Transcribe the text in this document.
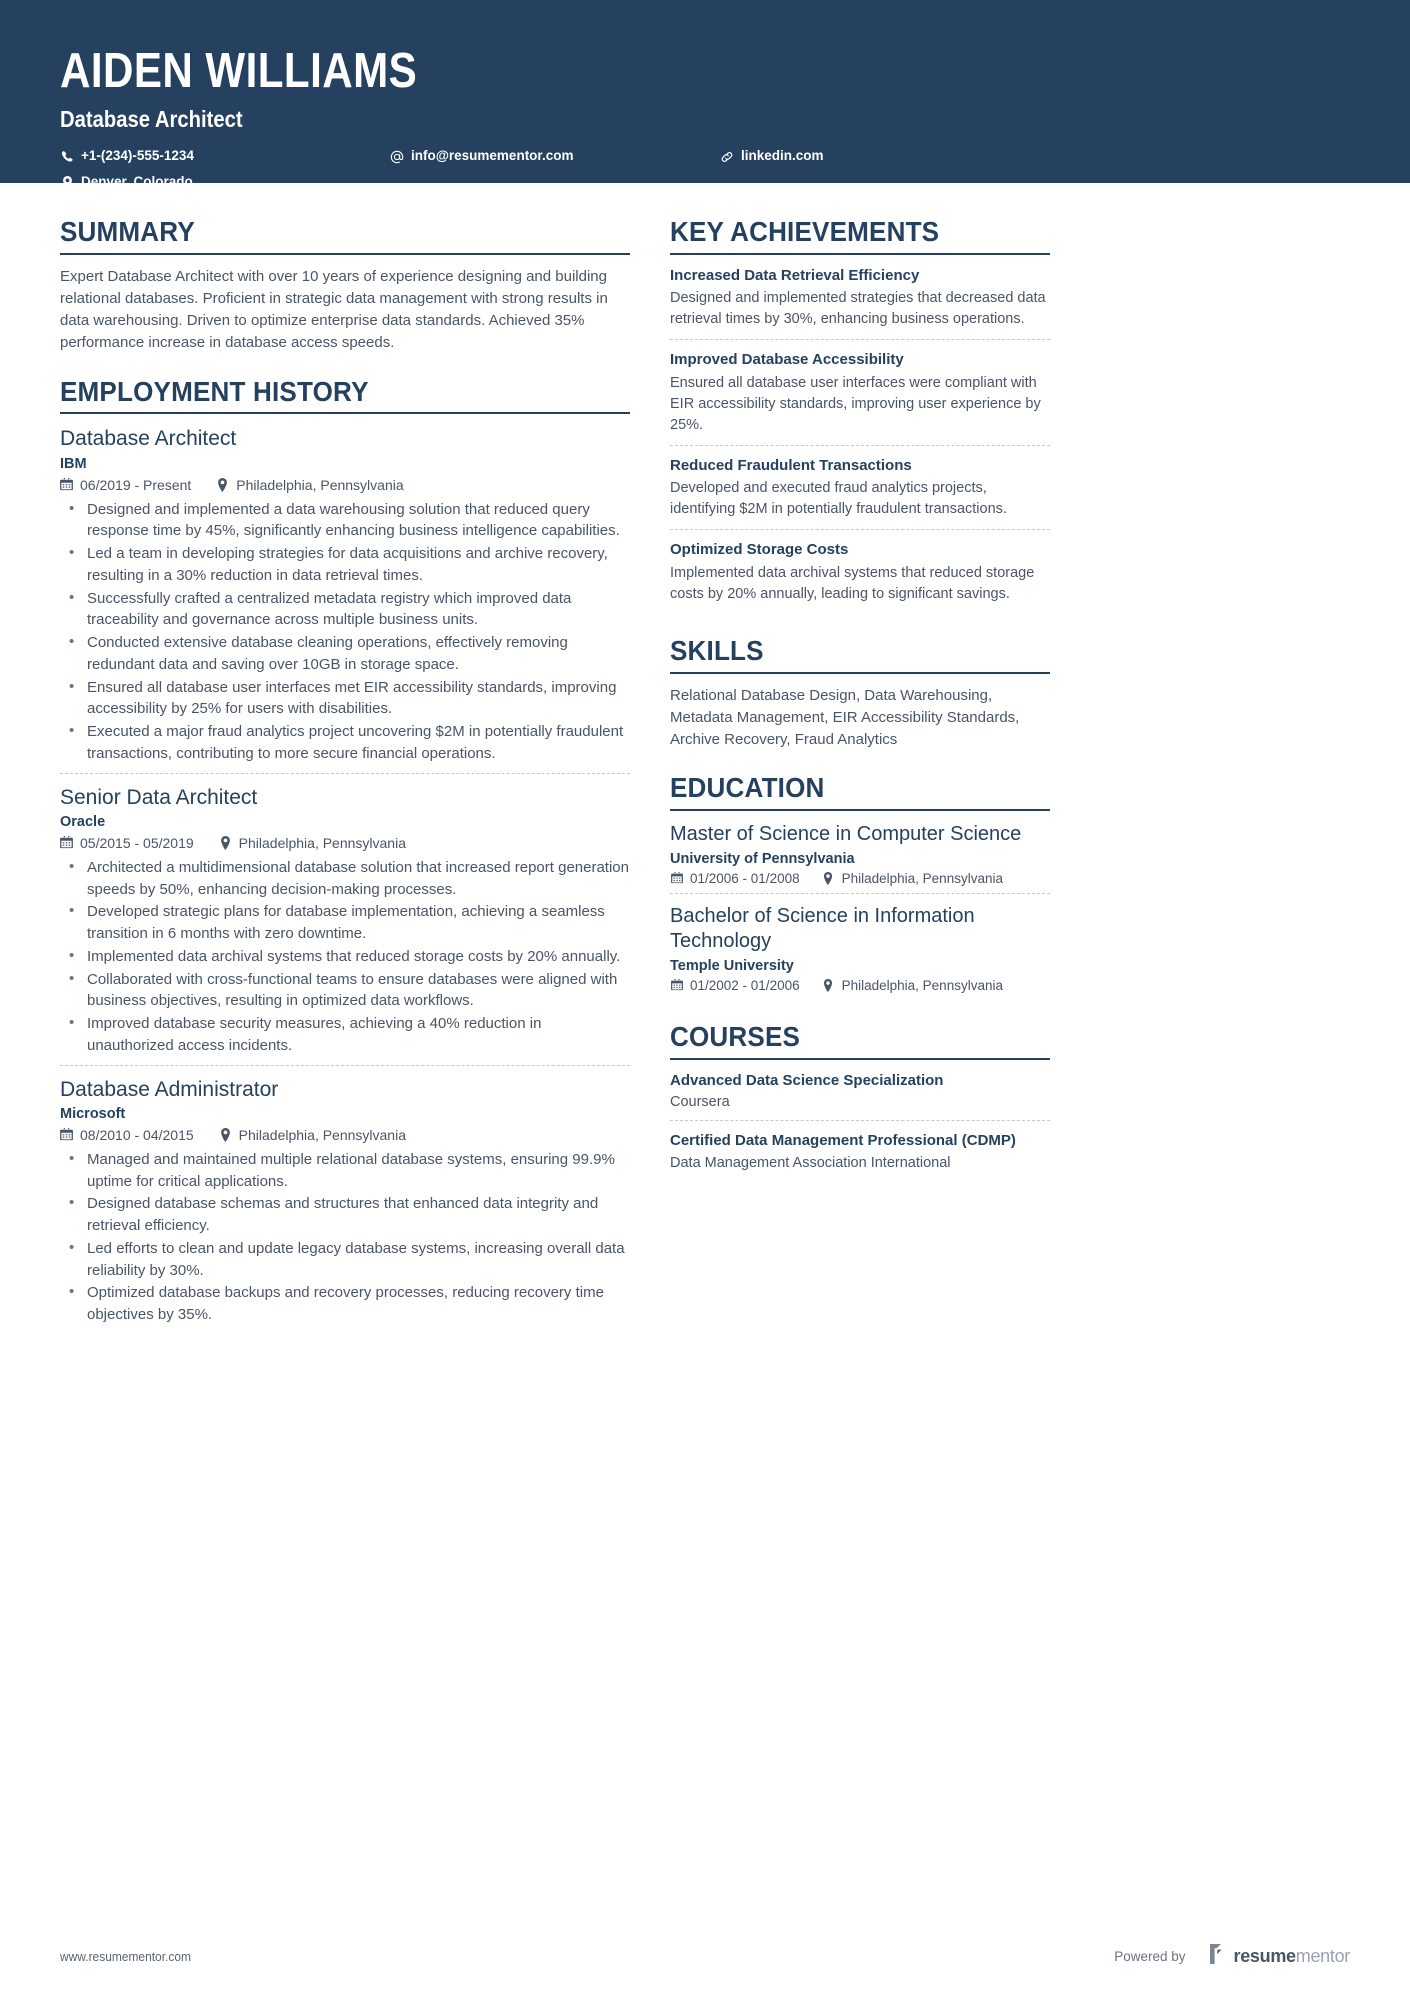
AIDEN WILLIAMS
Database Architect
+1-(234)-555-1234
Denver, Colorado
info@resumementor.com	linkedin.com
SUMMARY
Expert Database Architect with over 10 years of experience designing and building relational databases. Proficient in strategic data management with strong results in data warehousing. Driven to optimize enterprise data standards. Achieved 35% performance increase in database access speeds.
EMPLOYMENT HISTORY
Database Architect
IBM
06/2019 - Present	Philadelphia, Pennsylvania
• Designed and implemented a data warehousing solution that reduced query response time by 45%, significantly enhancing business intelligence capabilities.
• Led a team in developing strategies for data acquisitions and archive recovery, resulting in a 30% reduction in data retrieval times.
• Successfully crafted a centralized metadata registry which improved data traceability and governance across multiple business units.
• Conducted extensive database cleaning operations, effectively removing redundant data and saving over 10GB in storage space.
• Ensured all database user interfaces met EIR accessibility standards, improving accessibility by 25% for users with disabilities.
• Executed a major fraud analytics project uncovering $2M in potentially fraudulent transactions, contributing to more secure financial operations.
Senior Data Architect
Oracle
05/2015 - 05/2019	Philadelphia, Pennsylvania
• Architected a multidimensional database solution that increased report generation speeds by 50%, enhancing decision-making processes.
• Developed strategic plans for database implementation, achieving a seamless transition in 6 months with zero downtime.
• Implemented data archival systems that reduced storage costs by 20% annually.
• Collaborated with cross-functional teams to ensure databases were aligned with business objectives, resulting in optimized data workflows.
• Improved database security measures, achieving a 40% reduction in unauthorized access incidents.
Database Administrator
Microsoft
08/2010 - 04/2015	Philadelphia, Pennsylvania
• Managed and maintained multiple relational database systems, ensuring 99.9% uptime for critical applications.
• Designed database schemas and structures that enhanced data integrity and retrieval efficiency.
• Led efforts to clean and update legacy database systems, increasing overall data reliability by 30%.
• Optimized database backups and recovery processes, reducing recovery time objectives by 35%.
KEY ACHIEVEMENTS
Increased Data Retrieval Efficiency
Designed and implemented strategies that decreased data retrieval times by 30%, enhancing business operations.
Improved Database Accessibility
Ensured all database user interfaces were compliant with EIR accessibility standards, improving user experience by 25%.
Reduced Fraudulent Transactions
Developed and executed fraud analytics projects, identifying $2M in potentially fraudulent transactions.
Optimized Storage Costs
Implemented data archival systems that reduced storage costs by 20% annually, leading to significant savings.
SKILLS
Relational Database Design, Data Warehousing, Metadata Management, EIR Accessibility Standards, Archive Recovery, Fraud Analytics
EDUCATION
Master of Science in Computer Science
University of Pennsylvania
01/2006 - 01/2008	Philadelphia, Pennsylvania
Bachelor of Science in Information Technology
Temple University
01/2002 - 01/2006	Philadelphia, Pennsylvania
COURSES
Advanced Data Science Specialization
Coursera
Certified Data Management Professional (CDMP)
Data Management Association International
www.resumementor.com	Powered by	resumementor
